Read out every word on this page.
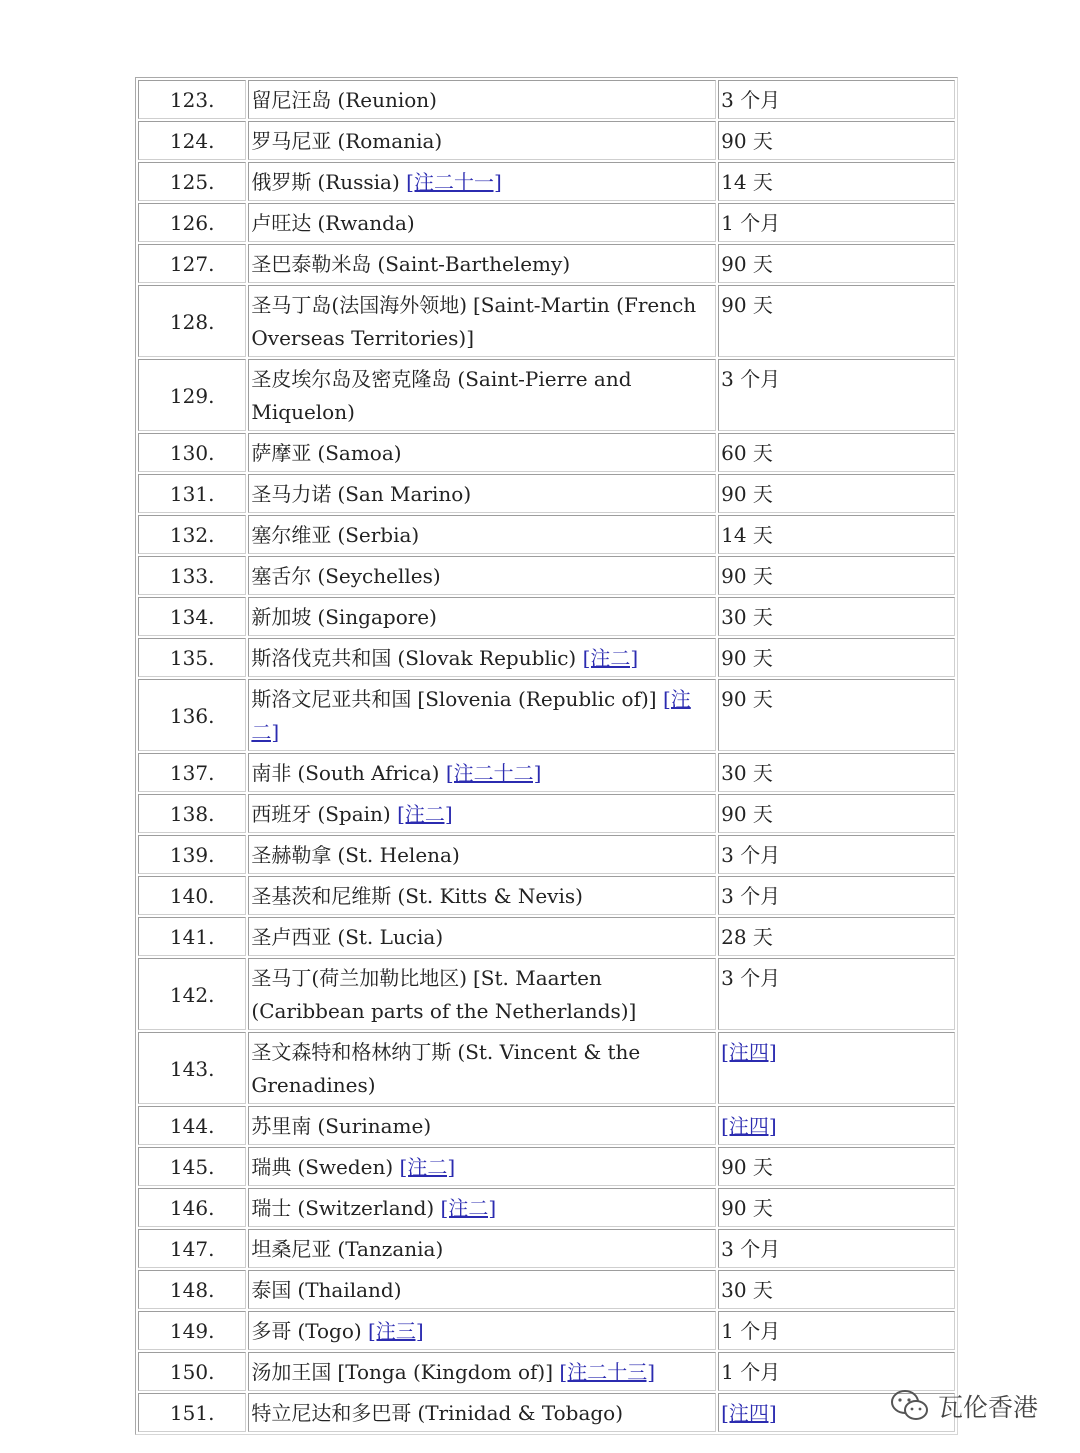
123.	留尼汪岛 (Reunion)	3 个月
124.	罗马尼亚 (Romania)	90 天
125.	俄罗斯 (Russia) [注二十一]	14 天
126.	卢旺达 (Rwanda)	1 个月
127.	圣巴泰勒米岛 (Saint-Barthelemy)	90 天
128.	圣马丁岛(法国海外领地) [Saint-Martin (French Overseas Territories)]	90 天
129.	圣皮埃尔岛及密克隆岛 (Saint-Pierre and Miquelon)	3 个月
130.	萨摩亚 (Samoa)	60 天
131.	圣马力诺 (San Marino)	90 天
132.	塞尔维亚 (Serbia)	14 天
133.	塞舌尔 (Seychelles)	90 天
134.	新加坡 (Singapore)	30 天
135.	斯洛伐克共和国 (Slovak Republic) [注二]	90 天
136.	斯洛文尼亚共和国 [Slovenia (Republic of)] [注二]	90 天
137.	南非 (South Africa) [注二十二]	30 天
138.	西班牙 (Spain) [注二]	90 天
139.	圣赫勒拿 (St. Helena)	3 个月
140.	圣基茨和尼维斯 (St. Kitts & Nevis)	3 个月
141.	圣卢西亚 (St. Lucia)	28 天
142.	圣马丁(荷兰加勒比地区) [St. Maarten (Caribbean parts of the Netherlands)]	3 个月
143.	圣文森特和格林纳丁斯 (St. Vincent & the Grenadines)	[注四]
144.	苏里南 (Suriname)	[注四]
145.	瑞典 (Sweden) [注二]	90 天
146.	瑞士 (Switzerland) [注二]	90 天
147.	坦桑尼亚 (Tanzania)	3 个月
148.	泰国 (Thailand)	30 天
149.	多哥 (Togo) [注三]	1 个月
150.	汤加王国 [Tonga (Kingdom of)] [注二十三]	1 个月
151.	特立尼达和多巴哥 (Trinidad & Tobago)	[注四]	瓦伦香港
